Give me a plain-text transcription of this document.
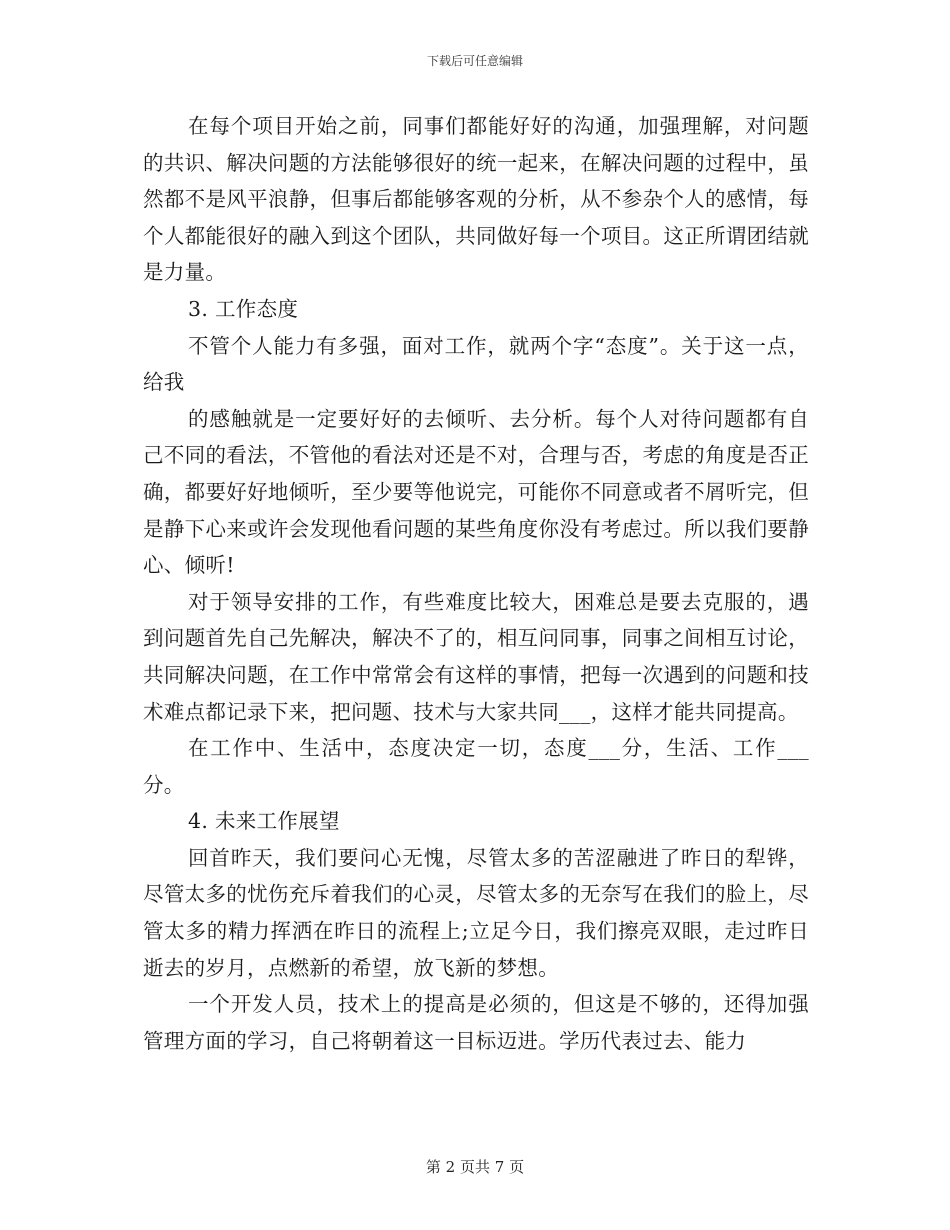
下载后可任意编辑

在每个项目开始之前，同事们都能好好的沟通，加强理解，对问题的共识、解决问题的方法能够很好的统一起来，在解决问题的过程中，虽然都不是风平浪静，但事后都能够客观的分析，从不参杂个人的感情，每个人都能很好的融入到这个团队，共同做好每一个项目。这正所谓团结就是力量。

3. 工作态度

不管个人能力有多强，面对工作，就两个字“态度”。关于这一点，给我

的感触就是一定要好好的去倾听、去分析。每个人对待问题都有自己不同的看法，不管他的看法对还是不对，合理与否，考虑的角度是否正确，都要好好地倾听，至少要等他说完，可能你不同意或者不屑听完，但是静下心来或许会发现他看问题的某些角度你没有考虑过。所以我们要静心、倾听!

对于领导安排的工作，有些难度比较大，困难总是要去克服的，遇到问题首先自己先解决，解决不了的，相互问同事，同事之间相互讨论，共同解决问题，在工作中常常会有这样的事情，把每一次遇到的问题和技术难点都记录下来，把问题、技术与大家共同___，这样才能共同提高。

在工作中、生活中，态度决定一切，态度___分，生活、工作___分。

4. 未来工作展望

回首昨天，我们要问心无愧，尽管太多的苦涩融进了昨日的犁铧，尽管太多的忧伤充斥着我们的心灵，尽管太多的无奈写在我们的脸上，尽管太多的精力挥洒在昨日的流程上;立足今日，我们擦亮双眼，走过昨日逝去的岁月，点燃新的希望，放飞新的梦想。

一个开发人员，技术上的提高是必须的，但这是不够的，还得加强管理方面的学习，自己将朝着这一目标迈进。学历代表过去、能力

第 2 页共 7 页
